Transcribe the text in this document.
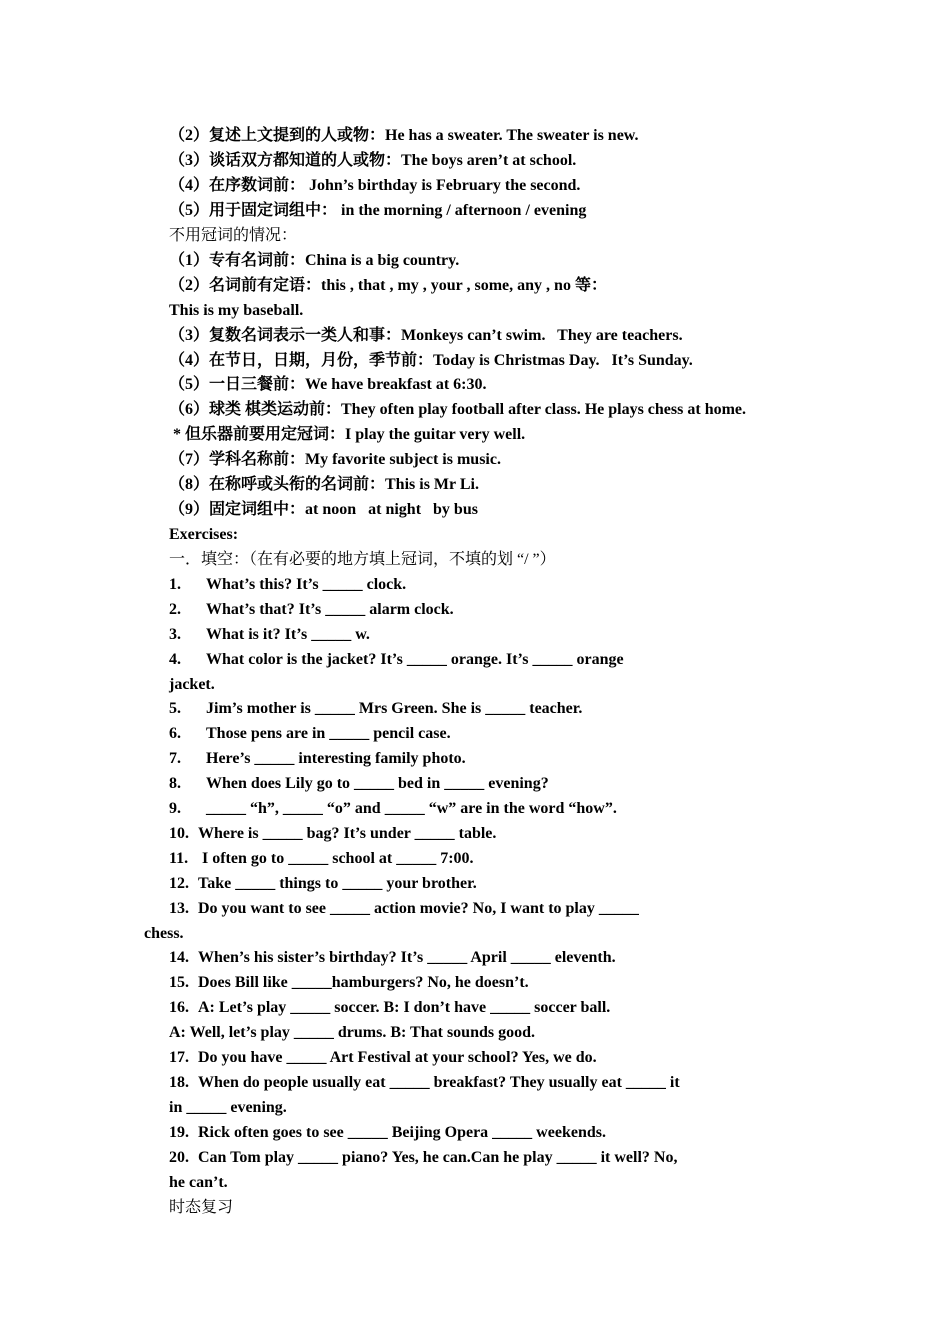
（2）复述上文提到的人或物：He has a sweater. The sweater is new.
（3）谈话双方都知道的人或物：The boys aren’t at school.
（4）在序数词前： John’s birthday is February the second.
（5）用于固定词组中： in the morning / afternoon / evening
不用冠词的情况：
（1）专有名词前：China is a big country.
（2）名词前有定语：this , that , my , your , some, any , no 等：
This is my baseball.
（3）复数名词表示一类人和事：Monkeys can’t swim.   They are teachers.
（4）在节日，日期，月份，季节前：Today is Christmas Day.   It’s Sunday.
（5）一日三餐前：We have breakfast at 6:30.
（6）球类 棋类运动前：They often play football after class. He plays chess at home.
* 但乐器前要用定冠词：I play the guitar very well.
（7）学科名称前：My favorite subject is music.
（8）在称呼或头衔的名词前：This is Mr Li.
（9）固定词组中：at noon   at night   by bus
Exercises:
一．填空：（在有必要的地方填上冠词，不填的划 “/ ”）
1. What’s this? It’s _____ clock.
2. What’s that? It’s _____ alarm clock.
3. What is it? It’s _____ w.
4. What color is the jacket? It’s _____ orange. It’s _____ orange
jacket.
5. Jim’s mother is _____ Mrs Green. She is _____ teacher.
6. Those pens are in _____ pencil case.
7. Here’s _____ interesting family photo.
8. When does Lily go to _____ bed in _____ evening?
9. _____ “h”, _____ “o” and _____ “w” are in the word “how”.
10. Where is _____ bag? It’s under _____ table.
11. I often go to _____ school at _____ 7:00.
12. Take _____ things to _____ your brother.
13. Do you want to see _____ action movie? No, I want to play _____
chess.
14. When’s his sister’s birthday? It’s _____ April _____ eleventh.
15. Does Bill like _____hamburgers? No, he doesn’t.
16. A: Let’s play _____ soccer. B: I don’t have _____ soccer ball.
A: Well, let’s play _____ drums. B: That sounds good.
17. Do you have _____ Art Festival at your school? Yes, we do.
18. When do people usually eat _____ breakfast? They usually eat _____ it
in _____ evening.
19. Rick often goes to see _____ Beijing Opera _____ weekends.
20. Can Tom play _____ piano? Yes, he can.Can he play _____ it well? No,
he can’t.
时态复习
